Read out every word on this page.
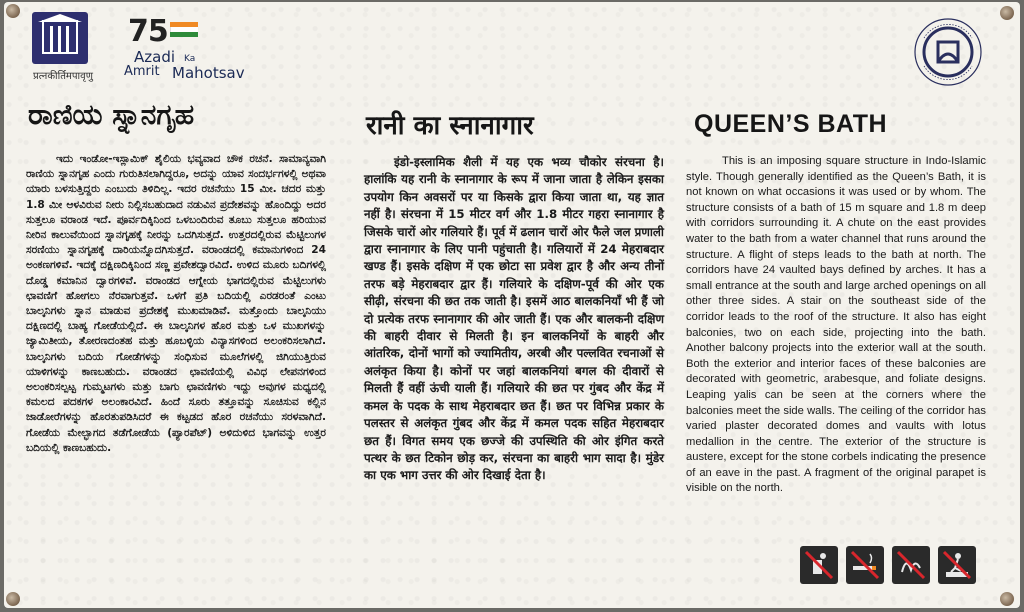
प्रत्नकीर्तिमपावृणु
75
Azadi Ka
Amrit Mahotsav
ರಾಣಿಯ ಸ್ನಾನಗೃಹ	रानी का स्नानागार	QUEEN’S BATH
ಇದು ಇಂಡೋ-ಇಸ್ಲಾಮಿಕ್ ಶೈಲಿಯ ಭವ್ಯವಾದ ಚೌಕ ರಚನೆ. ಸಾಮಾನ್ಯವಾಗಿ ರಾಣಿಯ ಸ್ನಾನಗೃಹ ಎಂದು ಗುರುತಿಸಲಾಗಿದ್ದರೂ, ಅದನ್ನು ಯಾವ ಸಂದರ್ಭಗಳಲ್ಲಿ ಅಥವಾ ಯಾರು ಬಳಸುತ್ತಿದ್ದರು ಎಂಬುದು ತಿಳಿದಿಲ್ಲ. ಇದರ ರಚನೆಯು 15 ಮೀ. ಚದರ ಮತ್ತು 1.8 ಮೀ ಆಳವಿರುವ ನೀರು ನಿಲ್ಲಿಸಬಹುದಾದ ನಡುವಿನ ಪ್ರದೇಶವನ್ನು ಹೊಂದಿದ್ದು ಅದರ ಸುತ್ತಲೂ ವರಾಂಡ ಇದೆ. ಪೂರ್ವದಿಕ್ಕಿನಿಂದ ಒಳಬಂದಿರುವ ತೂಬು ಸುತ್ತಲೂ ಹರಿಯುವ ನೀರಿನ ಕಾಲುವೆಯಿಂದ ಸ್ನಾನಗೃಹಕ್ಕೆ ನೀರನ್ನು ಒದಗಿಸುತ್ತದೆ. ಉತ್ತರದಲ್ಲಿರುವ ಮೆಟ್ಟಿಲುಗಳ ಸರಣಿಯು ಸ್ನಾನಗೃಹಕ್ಕೆ ದಾರಿಯನ್ನೊದಗಿಸುತ್ತದೆ. ವರಾಂಡದಲ್ಲಿ ಕಮಾನುಗಳಿಂದ 24 ಅಂಕಣಗಳಿವೆ. ಇದಕ್ಕೆ ದಕ್ಷಿಣದಿಕ್ಕಿನಿಂದ ಸಣ್ಣ ಪ್ರವೇಶದ್ವಾರವಿದೆ. ಉಳಿದ ಮೂರು ಬದಿಗಳಲ್ಲಿ ದೊಡ್ಡ ಕಮಾನಿನ ದ್ವಾರಗಳಿವೆ. ವರಾಂಡದ ಆಗ್ನೇಯ ಭಾಗದಲ್ಲಿರುವ ಮೆಟ್ಟಿಲುಗಳು ಛಾವಣಿಗೆ ಹೋಗಲು ನೆರವಾಗುತ್ತವೆ. ಒಳಗೆ ಪ್ರತಿ ಬದಿಯಲ್ಲಿ ಎರಡರಂತೆ ಎಂಟು ಬಾಲ್ಕನಿಗಳು ಸ್ನಾನ ಮಾಡುವ ಪ್ರದೇಶಕ್ಕೆ ಮುಖಮಾಡಿವೆ. ಮತ್ತೊಂದು ಬಾಲ್ಕನಿಯು ದಕ್ಷಿಣದಲ್ಲಿ ಬಾಹ್ಯ ಗೋಡೆಯಲ್ಲಿದೆ. ಈ ಬಾಲ್ಕನಿಗಳ ಹೊರ ಮತ್ತು ಒಳ ಮುಖಗಳನ್ನು ಜ್ಯಾಮಿತೀಯ, ತೋರಣದಂತಹ ಮತ್ತು ಹೂಬಳ್ಳಿಯ ವಿನ್ಯಾಸಗಳಿಂದ ಅಲಂಕರಿಸಲಾಗಿದೆ. ಬಾಲ್ಕನಿಗಳು ಬದಿಯ ಗೋಡೆಗಳನ್ನು ಸಂಧಿಸುವ ಮೂಲೆಗಳಲ್ಲಿ ಜಿಗಿಯುತ್ತಿರುವ ಯಾಳಿಗಳನ್ನು ಕಾಣಬಹುದು. ವರಾಂಡದ ಛಾವಣಿಯಲ್ಲಿ ವಿವಿಧ ಲೇಪನಗಳಿಂದ ಅಲಂಕರಿಸಲ್ಪಟ್ಟ ಗುಮ್ಮಟಗಳು ಮತ್ತು ಬಾಗು ಛಾವಣಿಗಳು ಇದ್ದು ಅವುಗಳ ಮಧ್ಯದಲ್ಲಿ ಕಮಲದ ಪದಕಗಳ ಅಲಂಕಾರವಿದೆ. ಹಿಂದೆ ಸೂರು ತತ್ತೂವನ್ನು ಸೂಚಿಸುವ ಕಲ್ಲಿನ ಜಾಡೋರೆಗಳನ್ನು ಹೊರತುಪಡಿಸಿದರೆ ಈ ಕಟ್ಟಡದ ಹೊರ ರಚನೆಯು ಸರಳವಾಗಿದೆ. ಗೋಡೆಯ ಮೇಲ್ಭಾಗದ ತಡೆಗೋಡೆಯ (ಪ್ಯಾರಪೆಟ್) ಅಳಿದುಳಿದ ಭಾಗವನ್ನು ಉತ್ತರ ಬದಿಯಲ್ಲಿ ಕಾಣಬಹುದು.
इंडो-इस्लामिक शैली में यह एक भव्य चौकोर संरचना है। हालांकि यह रानी के स्नानागार के रूप में जाना जाता है लेकिन इसका उपयोग किन अवसरों पर या किसके द्वारा किया जाता था, यह ज्ञात नहीं है। संरचना में 15 मीटर वर्ग और 1.8 मीटर गहरा स्नानागार है जिसके चारों ओर गलियारे हैं। पूर्व में ढलान चारों ओर फैले जल प्रणाली द्वारा स्नानागार के लिए पानी पहुंचाती है। गलियारों में 24 मेहराबदार खण्ड हैं। इसके दक्षिण में एक छोटा सा प्रवेश द्वार है और अन्य तीनों तरफ बड़े मेहराबदार द्वार हैं। गलियारे के दक्षिण-पूर्व की ओर एक सीढ़ी, संरचना की छत तक जाती है। इसमें आठ बालकनियाँ भी हैं जो दो प्रत्येक तरफ स्नानागार की ओर जाती हैं। एक और बालकनी दक्षिण की बाहरी दीवार से मिलती है। इन बालकनियों के बाहरी और आंतरिक, दोनों भागों को ज्यामितीय, अरबी और पल्लवित रचनाओं से अलंकृत किया है। कोनों पर जहां बालकनियां बगल की दीवारों से मिलती हैं वहीं ऊंची याली हैं। गलियारे की छत पर गुंबद और केंद्र में कमल के पदक के साथ मेहराबदार छत हैं। छत पर विभिन्न प्रकार के पलस्तर से अलंकृत गुंबद और केंद्र में कमल पदक सहित मेहराबदार छत हैं। विगत समय एक छज्जे की उपस्थिति की ओर इंगित करते पत्थर के छत टिकोन छोड़ कर, संरचना का बाहरी भाग सादा है। मुंडेर का एक भाग उत्तर की ओर दिखाई देता है।
This is an imposing square structure in Indo-Islamic style. Though generally identified as the Queen’s Bath, it is not known on what occasions it was used or by whom. The structure consists of a bath of 15 m square and 1.8 m deep with corridors surrounding it. A chute on the east provides water to the bath from a water channel that runs around the structure. A flight of steps leads to the bath at north. The corridors have 24 vaulted bays defined by arches. It has a small entrance at the south and large arched openings on all other three sides. A stair on the southeast side of the corridor leads to the roof of the structure. It also has eight balconies, two on each side, projecting into the bath. Another balcony projects into the exterior wall at the south. Both the exterior and interior faces of these balconies are decorated with geometric, arabesque, and foliate designs. Leaping yalis can be seen at the corners where the balconies meet the side walls. The ceiling of the corridor has varied plaster decorated domes and vaults with lotus medallion in the centre. The exterior of the structure is austere, except for the stone corbels indicating the presence of an eave in the past. A fragment of the original parapet is visible on the north.
